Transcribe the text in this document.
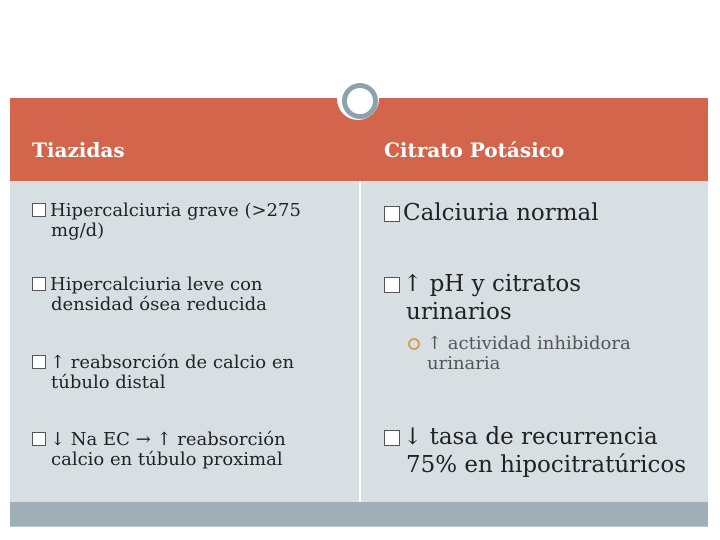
Tiazidas	Citrato Potásico
Hipercalciuria grave (>275
mg/d)
Hipercalciuria leve con
densidad ósea reducida
↑ reabsorción de calcio en
túbulo distal
↓ Na EC → ↑ reabsorción
calcio en túbulo proximal
Calciuria normal
↑ pH y citratos
urinarios
↑ actividad inhibidora
urinaria
↓ tasa de recurrencia
75% en hipocitratúricos
